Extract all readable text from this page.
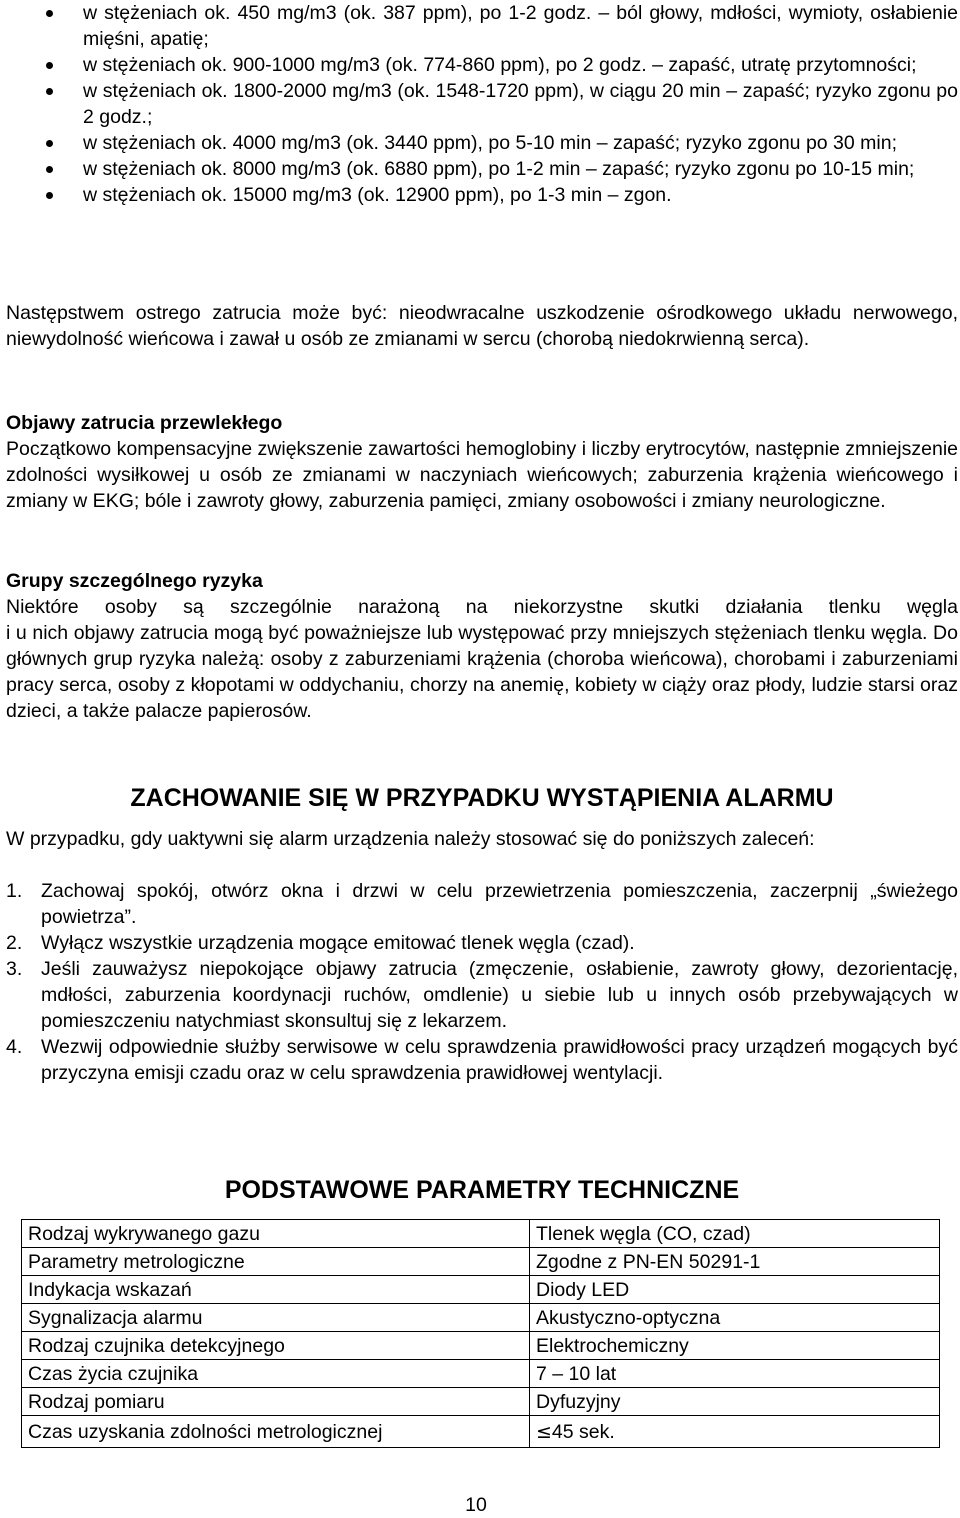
w stężeniach ok. 450 mg/m3 (ok. 387 ppm), po 1-2 godz. – ból głowy, mdłości, wymioty, osłabienie mięśni, apatię;
w stężeniach ok. 900-1000 mg/m3 (ok. 774-860 ppm), po 2 godz. – zapaść, utratę przytomności;
w stężeniach ok. 1800-2000 mg/m3 (ok. 1548-1720 ppm), w ciągu 20 min – zapaść; ryzyko zgonu po 2 godz.;
w stężeniach ok. 4000 mg/m3 (ok. 3440 ppm), po 5-10 min – zapaść; ryzyko zgonu po 30 min;
w stężeniach ok. 8000 mg/m3 (ok. 6880 ppm), po 1-2 min – zapaść; ryzyko zgonu po 10-15 min;
w stężeniach ok. 15000 mg/m3 (ok. 12900 ppm), po 1-3 min – zgon.
Następstwem ostrego zatrucia może być: nieodwracalne uszkodzenie ośrodkowego układu nerwowego, niewydolność wieńcowa i zawał u osób ze zmianami w sercu (chorobą niedokrwienną serca).
Objawy zatrucia przewlekłego
Początkowo kompensacyjne zwiększenie zawartości hemoglobiny i liczby erytrocytów, następnie zmniejszenie zdolności wysiłkowej u osób ze zmianami w naczyniach wieńcowych; zaburzenia krążenia wieńcowego i zmiany w EKG; bóle i zawroty głowy, zaburzenia pamięci, zmiany osobowości i zmiany neurologiczne.
Grupy szczególnego ryzyka
Niektóre osoby są szczególnie narażoną na niekorzystne skutki działania tlenku węgla
i u nich objawy zatrucia mogą być poważniejsze lub występować przy mniejszych stężeniach tlenku węgla. Do głównych grup ryzyka należą: osoby z zaburzeniami krążenia (choroba wieńcowa), chorobami i zaburzeniami pracy serca, osoby z kłopotami w oddychaniu, chorzy na anemię, kobiety w ciąży oraz płody, ludzie starsi oraz dzieci, a także palacze papierosów.
ZACHOWANIE SIĘ W PRZYPADKU WYSTĄPIENIA ALARMU
W przypadku, gdy uaktywni się alarm urządzenia należy stosować się do poniższych zaleceń:
1. Zachowaj spokój, otwórz okna i drzwi w celu przewietrzenia pomieszczenia, zaczerpnij „świeżego powietrza”.
2. Wyłącz wszystkie urządzenia mogące emitować tlenek węgla (czad).
3. Jeśli zauważysz niepokojące objawy zatrucia (zmęczenie, osłabienie, zawroty głowy, dezorientację, mdłości, zaburzenia koordynacji ruchów, omdlenie) u siebie lub u innych osób przebywających w pomieszczeniu natychmiast skonsultuj się z lekarzem.
4. Wezwij odpowiednie służby serwisowe w celu sprawdzenia prawidłowości pracy urządzeń mogących być przyczyna emisji czadu oraz w celu sprawdzenia prawidłowej wentylacji.
PODSTAWOWE PARAMETRY TECHNICZNE
Rodzaj wykrywanego gazu	Tlenek węgla (CO, czad)
Parametry metrologiczne	Zgodne z PN-EN 50291-1
Indykacja wskazań	Diody LED
Sygnalizacja alarmu	Akustyczno-optyczna
Rodzaj czujnika detekcyjnego	Elektrochemiczny
Czas życia czujnika	7 – 10 lat
Rodzaj pomiaru	Dyfuzyjny
Czas uzyskania zdolności metrologicznej	≤45 sek.
10
